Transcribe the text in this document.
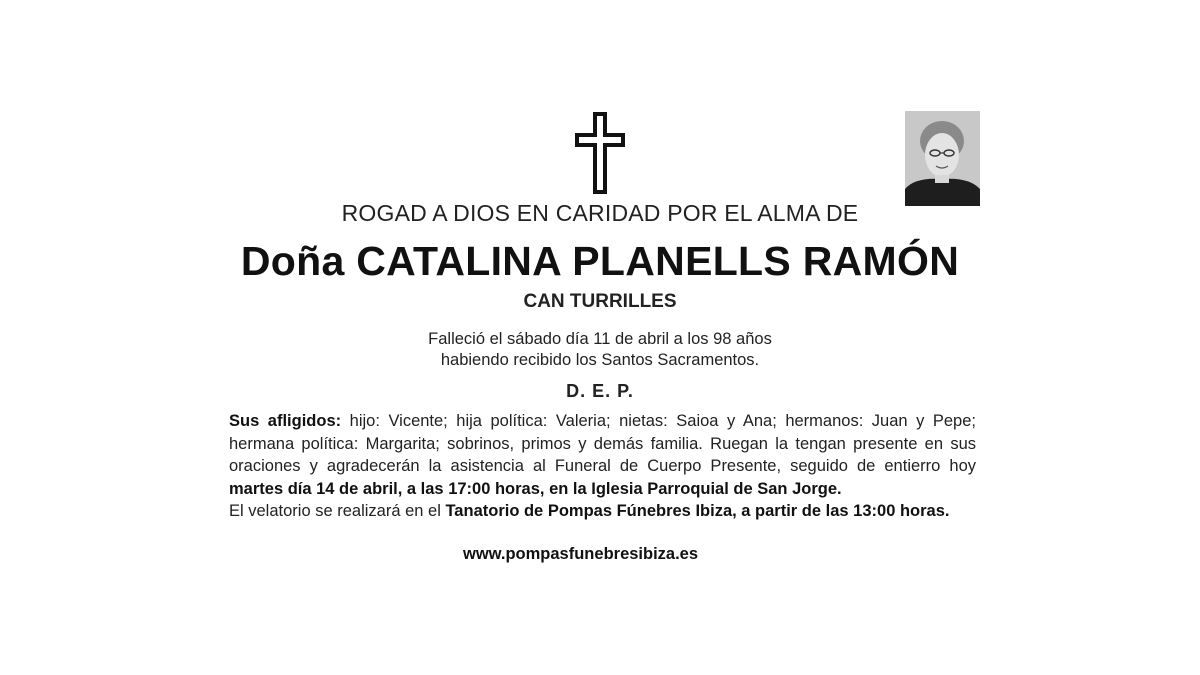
ROGAD A DIOS EN CARIDAD POR EL ALMA DE
Doña CATALINA PLANELLS RAMÓN
CAN TURRILLES
Falleció el sábado día 11 de abril a los 98 años
habiendo recibido los Santos Sacramentos.
D. E. P.
Sus afligidos: hijo: Vicente; hija política: Valeria; nietas: Saioa y Ana; hermanos: Juan y Pepe; hermana política: Margarita; sobrinos, primos y demás familia. Ruegan la tengan presente en sus oraciones y agradecerán la asistencia al Funeral de Cuerpo Presente, seguido de entierro hoy martes día 14 de abril, a las 17:00 horas, en la Iglesia Parroquial de San Jorge.
El velatorio se realizará en el Tanatorio de Pompas Fúnebres Ibiza, a partir de las 13:00 horas.
www.pompasfunebresibiza.es
